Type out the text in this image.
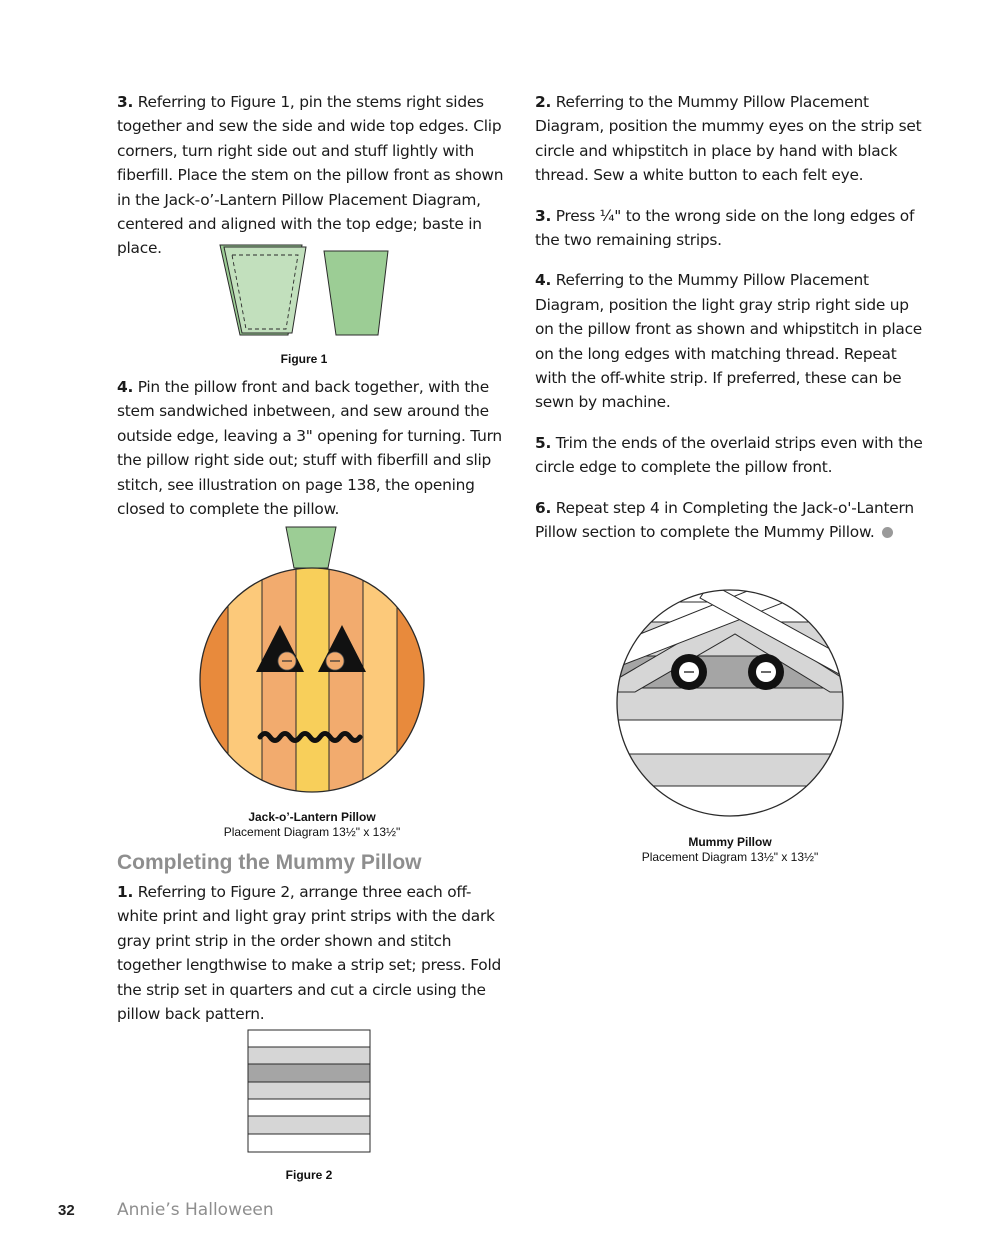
3. Referring to Figure 1, pin the stems right sides together and sew the side and wide top edges. Clip corners, turn right side out and stuff lightly with fiberfill. Place the stem on the pillow front as shown in the Jack-o’-Lantern Pillow Placement Diagram, centered and aligned with the top edge; baste in place.

Figure 1

4. Pin the pillow front and back together, with the stem sandwiched inbetween, and sew around the outside edge, leaving a 3" opening for turning. Turn the pillow right side out; stuff with fiberfill and slip stitch, see illustration on page 138, the opening closed to complete the pillow.

Jack-o’-Lantern Pillow
Placement Diagram 13½" x 13½"
Completing the Mummy Pillow

1. Referring to Figure 2, arrange three each off-white print and light gray print strips with the dark gray print strip in the order shown and stitch together lengthwise to make a strip set; press. Fold the strip set in quarters and cut a circle using the pillow back pattern.

Figure 2

2. Referring to the Mummy Pillow Placement Diagram, position the mummy eyes on the strip set circle and whipstitch in place by hand with black thread. Sew a white button to each felt eye.

3. Press ¼" to the wrong side on the long edges of the two remaining strips.

4. Referring to the Mummy Pillow Placement Diagram, position the light gray strip right side up on the pillow front as shown and whipstitch in place on the long edges with matching thread. Repeat with the off-white strip. If preferred, these can be sewn by machine.

5. Trim the ends of the overlaid strips even with the circle edge to complete the pillow front.

6. Repeat step 4 in Completing the Jack-o'-Lantern Pillow section to complete the Mummy Pillow.

Mummy Pillow
Placement Diagram 13½" x 13½"
32 Annie’s Halloween
